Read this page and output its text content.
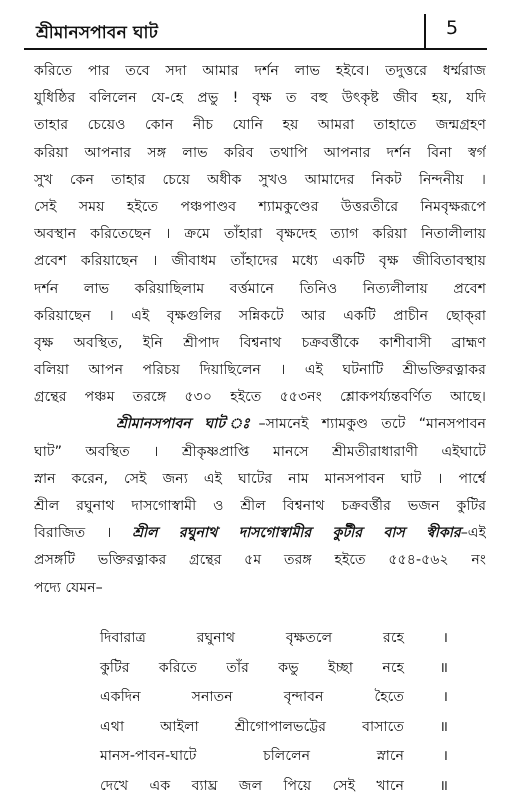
শ্রীমানসপাবন ঘাট	5
করিতে পার তবে সদা আমার দর্শন লাভ হইবে। তদুত্তরে ধর্ম্মরাজ
যুধিষ্ঠির বলিলেন যে-হে প্রভু ! বৃক্ষ ত বহু উৎকৃষ্ট জীব হয়, যদি
তাহার চেয়েও কোন নীচ যোনি হয় আমরা তাহাতে জন্মগ্রহণ
করিয়া আপনার সঙ্গ লাভ করিব তথাপি আপনার দর্শন বিনা স্বর্গ
সুখ কেন তাহার চেয়ে অধীক সুখও আমাদের নিকট নিন্দনীয় ।
সেই সময় হইতে পঞ্চপাণ্ডব শ্যামকুণ্ডের উত্তরতীরে নিমবৃক্ষরূপে
অবস্থান করিতেছেন । ক্রমে তাঁহারা বৃক্ষদেহ ত্যাগ করিয়া নিতালীলায়
প্রবেশ করিয়াছেন । জীবাধম তাঁহাদের মধ্যে একটি বৃক্ষ জীবিতাবস্থায়
দর্শন লাভ করিয়াছিলাম বর্ত্তমানে তিনিও নিত্যলীলায় প্রবেশ
করিয়াছেন । এই বৃক্ষগুলির সন্নিকটে আর একটি প্রাচীন ছোক্‌রা
বৃক্ষ অবস্থিত, ইনি শ্রীপাদ বিশ্বনাথ চক্রবর্ত্তীকে কাশীবাসী ব্রাহ্মণ
বলিয়া আপন পরিচয় দিয়াছিলেন । এই ঘটনাটি শ্রীভক্তিরত্নাকর
গ্রন্থের পঞ্চম তরঙ্গে ৫৩০ হইতে ৫৫৩নং শ্লোকপর্য্যন্তবর্ণিত আছে।
শ্রীমানসপাবন ঘাট ঃ–সামনেই শ্যামকুণ্ড তটে “মানসপাবন
ঘাট” অবস্থিত । শ্রীকৃষ্ণপ্রাপ্তি মানসে শ্রীমতীরাধারাণী এইঘাটে
স্নান করেন, সেই জন্য এই ঘাটের নাম মানসপাবন ঘাট । পার্শ্বে
শ্রীল রঘুনাথ দাসগোস্বামী ও শ্রীল বিশ্বনাথ চক্রবর্ত্তীর ভজন কুটির
বিরাজিত । শ্রীল রঘুনাথ দাসগোস্বামীর কুটীর বাস স্বীকার–এই
প্রসঙ্গটি ভক্তিরত্নাকর গ্রন্থের ৫ম তরঙ্গ হইতে ৫৫৪-৫৬২ নং
পদ্যে যেমন–
দিবারাত্র রঘুনাথ বৃক্ষতলে রহে	।
কুটির করিতে তাঁর কভু ইচ্ছা নহে	॥
একদিন সনাতন বৃন্দাবন হৈতে	।
এথা আইলা শ্রীগোপালভট্টের বাসাতে	॥
মানস-পাবন-ঘাটে চলিলেন স্নানে	।
দেখে এক ব্যাঘ্র জল পিয়ে সেই খানে	॥
